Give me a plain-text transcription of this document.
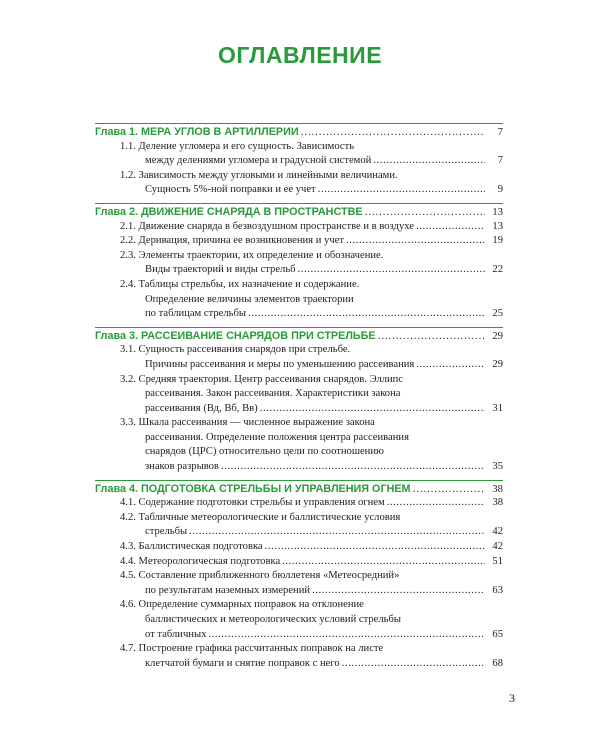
ОГЛАВЛЕНИЕ
Глава 1. МЕРА УГЛОВ В АРТИЛЛЕРИИ .....	7
1.1. Деление угломера и его сущность. Зависимость
между делениями угломера и градусной системой .....	7
1.2. Зависимость между угловыми и линейными величинами.
Сущность 5%-ной поправки и ее учет .....	9
Глава 2. ДВИЖЕНИЕ СНАРЯДА В ПРОСТРАНСТВЕ .....	13
2.1. Движение снаряда в безвоздушном пространстве и в воздухе .....	13
2.2. Деривация, причина ее возникновения и учет .....	19
2.3. Элементы траектории, их определение и обозначение.
Виды траекторий и виды стрельб .....	22
2.4. Таблицы стрельбы, их назначение и содержание.
Определение величины элементов траектории
по таблицам стрельбы .....	25
Глава 3. РАССЕИВАНИЕ СНАРЯДОВ ПРИ СТРЕЛЬБЕ .....	29
3.1. Сущность рассеивания снарядов при стрельбе.
Причины рассеивания и меры по уменьшению рассеивания .....	29
3.2. Средняя траектория. Центр рассеивания снарядов. Эллипс
рассеивания. Закон рассеивания. Характеристики закона
рассеивания (Вд, Вб, Вв) .....	31
3.3. Шкала рассеивания — численное выражение закона
рассеивания. Определение положения центра рассеивания
снарядов (ЦРС) относительно цели по соотношению
знаков разрывов .....	35
Глава 4. ПОДГОТОВКА СТРЕЛЬБЫ И УПРАВЛЕНИЯ ОГНЕМ .....	38
4.1. Содержание подготовки стрельбы и управления огнем .....	38
4.2. Табличные метеорологические и баллистические условия
стрельбы .....	42
4.3. Баллистическая подготовка .....	42
4.4. Метеорологическая подготовка .....	51
4.5. Составление приближенного бюллетеня «Метеосредний»
по результатам наземных измерений .....	63
4.6. Определение суммарных поправок на отклонение
баллистических и метеорологических условий стрельбы
от табличных .....	65
4.7. Построение графика рассчитанных поправок на листе
клетчатой бумаги и снятие поправок с него .....	68
3
